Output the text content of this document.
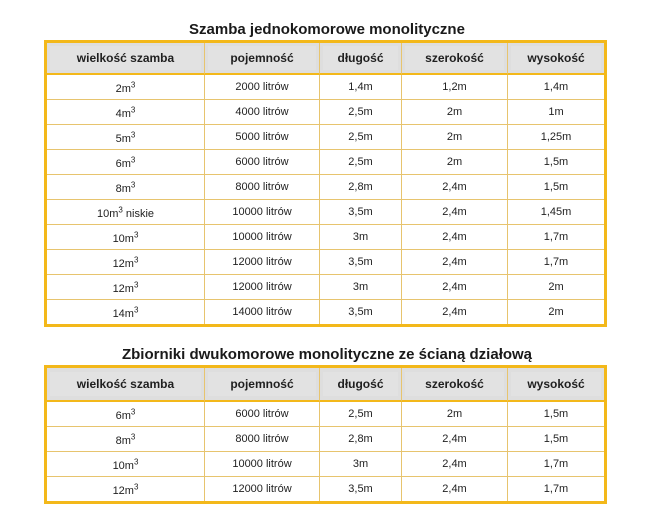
Szamba jednokomorowe monolityczne
wielkość szamba	pojemność	długość	szerokość	wysokość

$2m^3$	2000 litrów	1,4m	1,2m	1,4m
$4m^3$	4000 litrów	2,5m	2m	1m
$5m^3$	5000 litrów	2,5m	2m	1,25m
$6m^3$	6000 litrów	2,5m	2m	1,5m
$8m^3$	8000 litrów	2,8m	2,4m	1,5m
$10m^3$ niskie	10000 litrów	3,5m	2,4m	1,45m
$10m^3$	10000 litrów	3m	2,4m	1,7m
$12m^3$	12000 litrów	3,5m	2,4m	1,7m
$12m^3$	12000 litrów	3m	2,4m	2m
$14m^3$	14000 litrów	3,5m	2,4m	2m
Zbiorniki dwukomorowe monolityczne ze ścianą działową
wielkość szamba	pojemność	długość	szerokość	wysokość

$6m^3$	6000 litrów	2,5m	2m	1,5m
$8m^3$	8000 litrów	2,8m	2,4m	1,5m
$10m^3$	10000 litrów	3m	2,4m	1,7m
$12m^3$	12000 litrów	3,5m	2,4m	1,7m
